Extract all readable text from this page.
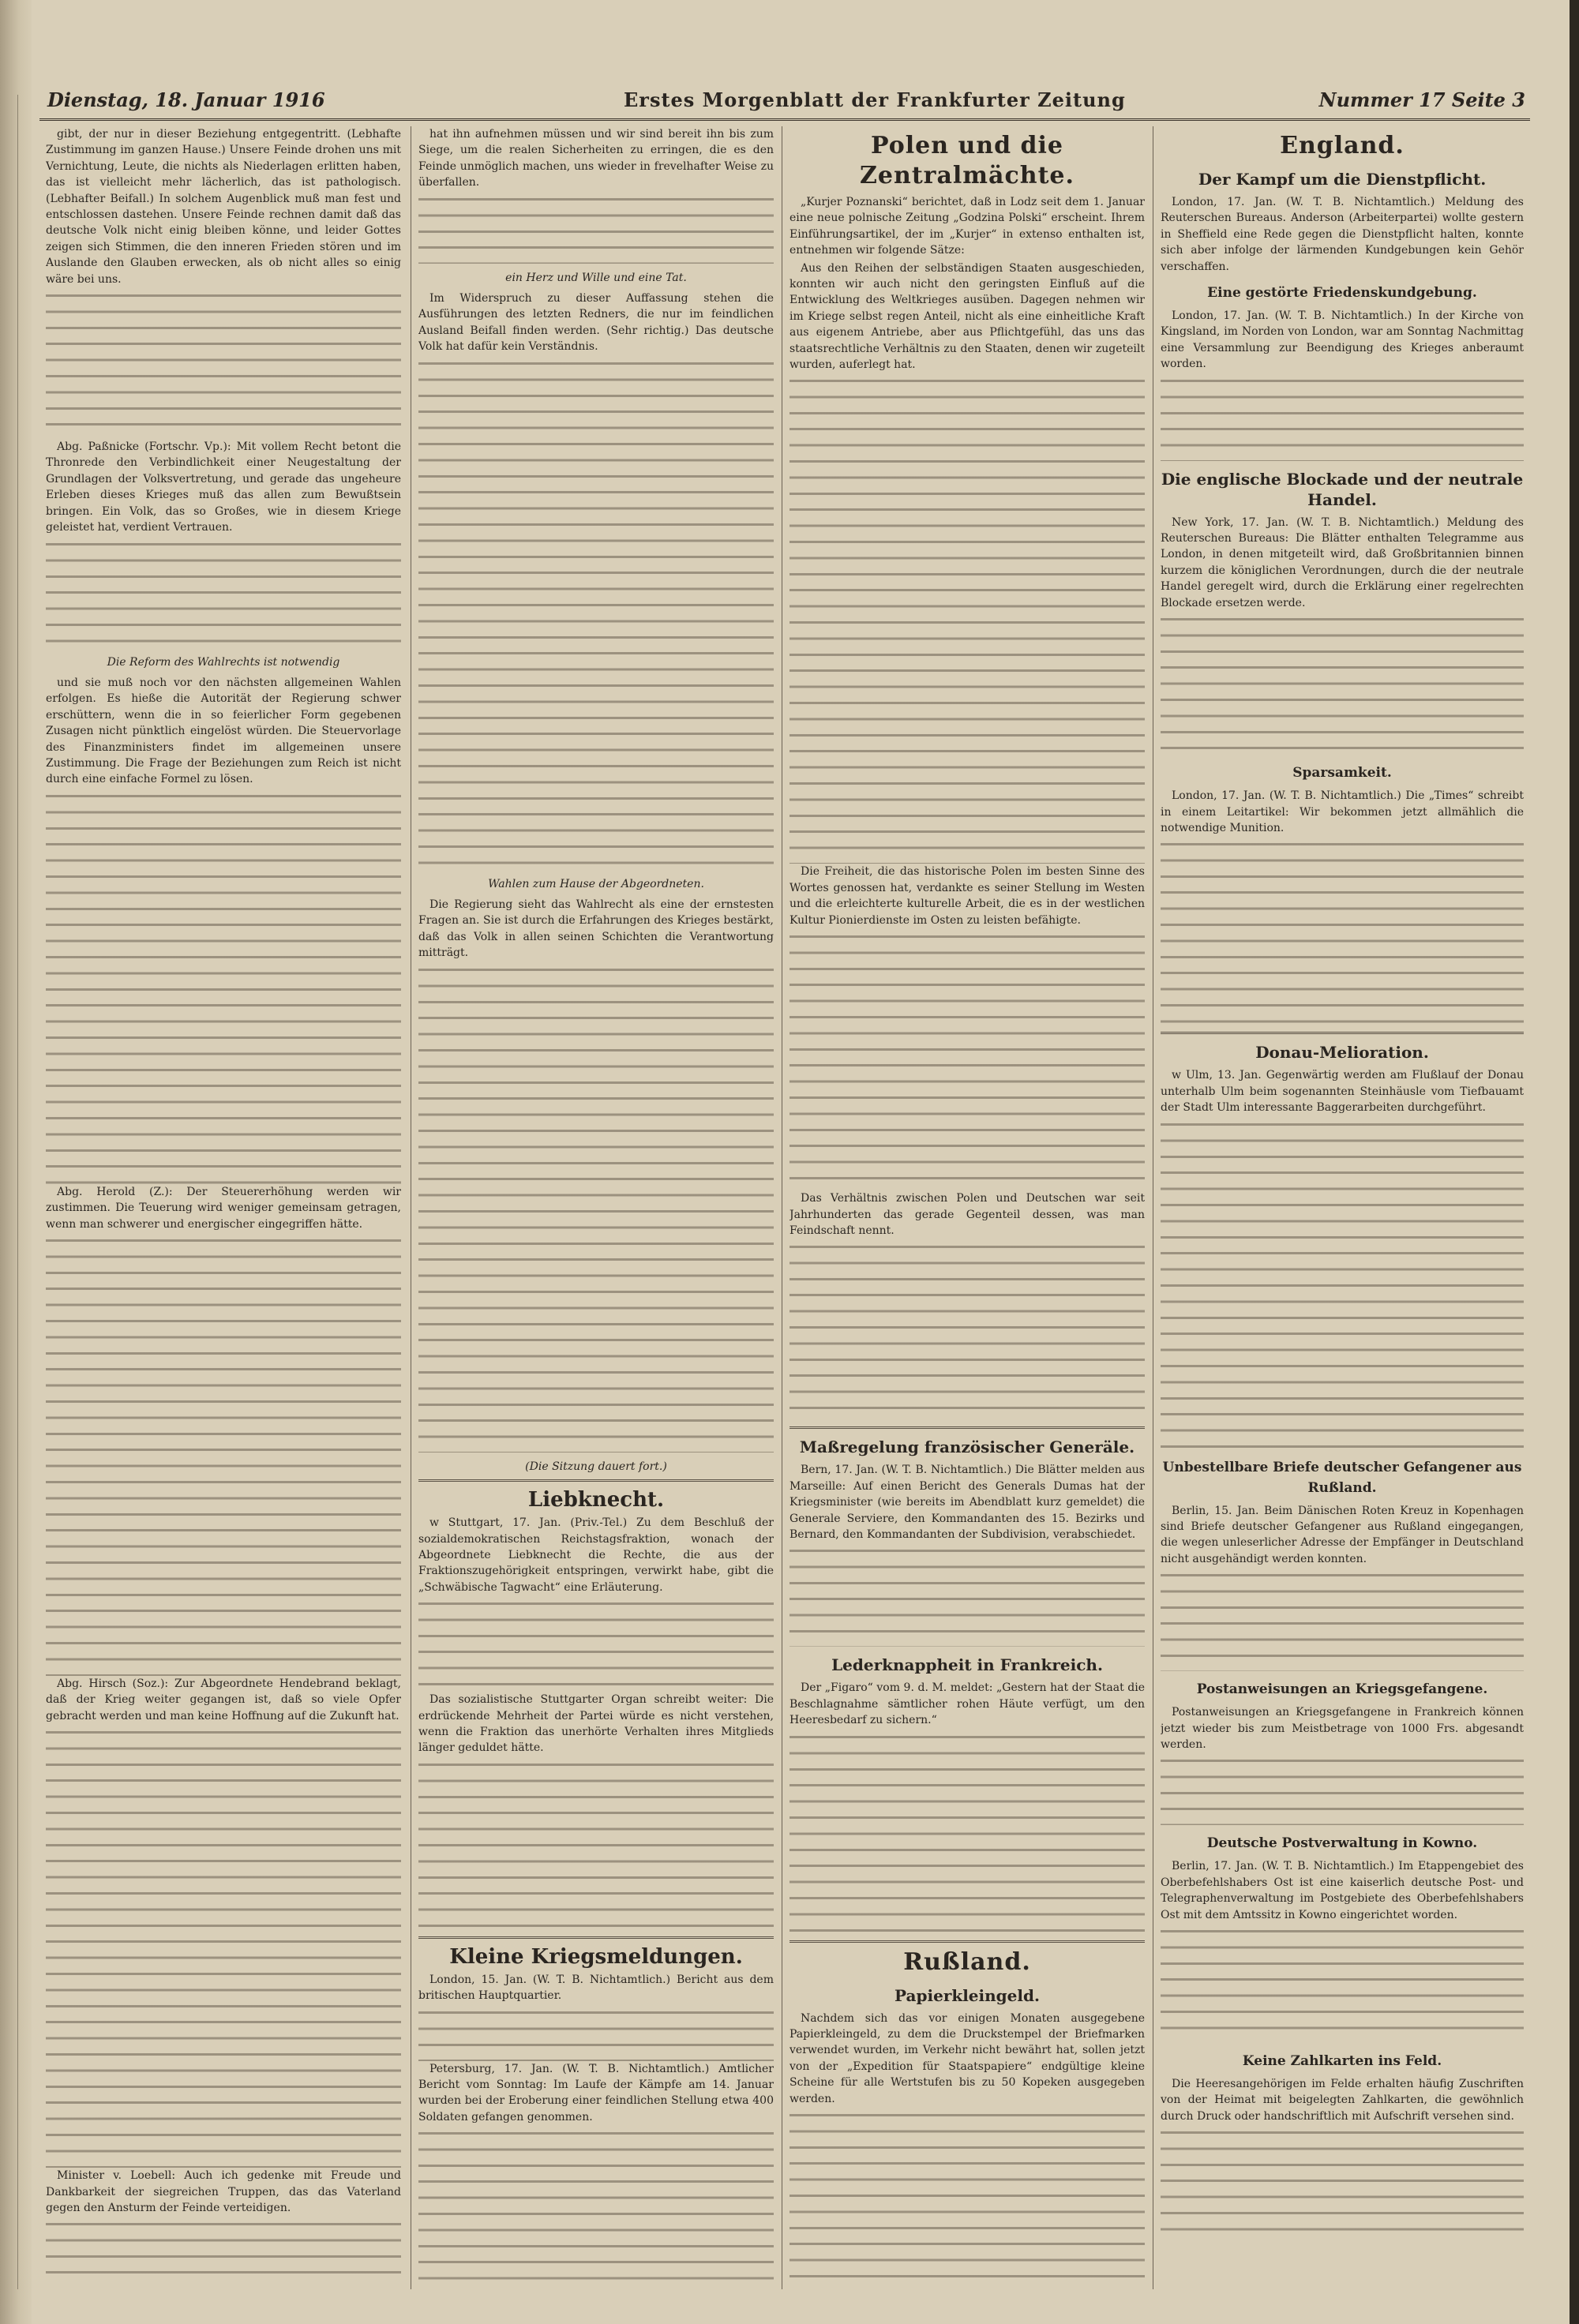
Dienstag, 18. Januar 1916	Erstes Morgenblatt der Frankfurter Zeitung	Nummer 17 Seite 3

gibt, der nur in dieser Beziehung entgegentritt. (Lebhafte Zustimmung im ganzen Hause.) Unsere Feinde drohen uns mit Vernichtung, Leute, die nichts als Niederlagen erlitten haben, das ist vielleicht mehr lächerlich, das ist pathologisch. (Lebhafter Beifall.) In solchem Augenblick muß man fest und entschlossen dastehen. Unsere Feinde rechnen damit daß das deutsche Volk nicht einig bleiben könne, und leider Gottes zeigen sich Stimmen, die den inneren Frieden stören und im Auslande den Glauben erwecken, als ob nicht alles so einig wäre bei uns.

Abg. Paßnicke (Fortschr. Vp.): Mit vollem Recht betont die Thronrede den Verbindlichkeit einer Neugestaltung der Grundlagen der Volksvertretung, und gerade das ungeheure Erleben dieses Krieges muß das allen zum Bewußtsein bringen. Ein Volk, das so Großes, wie in diesem Kriege geleistet hat, verdient Vertrauen.

Die Reform des Wahlrechts ist notwendig

und sie muß noch vor den nächsten allgemeinen Wahlen erfolgen. Es hieße die Autorität der Regierung schwer erschüttern, wenn die in so feierlicher Form gegebenen Zusagen nicht pünktlich eingelöst würden. Die Steuervorlage des Finanzministers findet im allgemeinen unsere Zustimmung. Die Frage der Beziehungen zum Reich ist nicht durch eine einfache Formel zu lösen.

Abg. Herold (Z.): Der Steuererhöhung werden wir zustimmen. Die Teuerung wird weniger gemeinsam getragen, wenn man schwerer und energischer eingegriffen hätte.

Abg. Hirsch (Soz.): Zur Abgeordnete Hendebrand beklagt, daß der Krieg weiter gegangen ist, daß so viele Opfer gebracht werden und man keine Hoffnung auf die Zukunft hat.

Minister v. Loebell: Auch ich gedenke mit Freude und Dankbarkeit der siegreichen Truppen, das das Vaterland gegen den Ansturm der Feinde verteidigen.

hat ihn aufnehmen müssen und wir sind bereit ihn bis zum Siege, um die realen Sicherheiten zu erringen, die es den Feinde unmöglich machen, uns wieder in frevelhafter Weise zu überfallen.

ein Herz und Wille und eine Tat.

Im Widerspruch zu dieser Auffassung stehen die Ausführungen des letzten Redners, die nur im feindlichen Ausland Beifall finden werden. (Sehr richtig.) Das deutsche Volk hat dafür kein Verständnis.

Wahlen zum Hause der Abgeordneten.

Die Regierung sieht das Wahlrecht als eine der ernstesten Fragen an. Sie ist durch die Erfahrungen des Krieges bestärkt, daß das Volk in allen seinen Schichten die Verantwortung mitträgt.

(Die Sitzung dauert fort.)
Liebknecht.

w Stuttgart, 17. Jan. (Priv.-Tel.) Zu dem Beschluß der sozialdemokratischen Reichstagsfraktion, wonach der Abgeordnete Liebknecht die Rechte, die aus der Fraktionszugehörigkeit entspringen, verwirkt habe, gibt die „Schwäbische Tagwacht“ eine Erläuterung.

Das sozialistische Stuttgarter Organ schreibt weiter: Die erdrückende Mehrheit der Partei würde es nicht verstehen, wenn die Fraktion das unerhörte Verhalten ihres Mitglieds länger geduldet hätte.

Kleine Kriegsmeldungen.

London, 15. Jan. (W. T. B. Nichtamtlich.) Bericht aus dem britischen Hauptquartier.

Petersburg, 17. Jan. (W. T. B. Nichtamtlich.) Amtlicher Bericht vom Sonntag: Im Laufe der Kämpfe am 14. Januar wurden bei der Eroberung einer feindlichen Stellung etwa 400 Soldaten gefangen genommen.

Polen und die Zentralmächte.

„Kurjer Poznanski“ berichtet, daß in Lodz seit dem 1. Januar eine neue polnische Zeitung „Godzina Polski“ erscheint. Ihrem Einführungsartikel, der im „Kurjer“ in extenso enthalten ist, entnehmen wir folgende Sätze:

Aus den Reihen der selbständigen Staaten ausgeschieden, konnten wir auch nicht den geringsten Einfluß auf die Entwicklung des Weltkrieges ausüben. Dagegen nehmen wir im Kriege selbst regen Anteil, nicht als eine einheitliche Kraft aus eigenem Antriebe, aber aus Pflichtgefühl, das uns das staatsrechtliche Verhältnis zu den Staaten, denen wir zugeteilt wurden, auferlegt hat.

Die Freiheit, die das historische Polen im besten Sinne des Wortes genossen hat, verdankte es seiner Stellung im Westen und die erleichterte kulturelle Arbeit, die es in der westlichen Kultur Pionierdienste im Osten zu leisten befähigte.

Das Verhältnis zwischen Polen und Deutschen war seit Jahrhunderten das gerade Gegenteil dessen, was man Feindschaft nennt.

Maßregelung französischer Generäle.

Bern, 17. Jan. (W. T. B. Nichtamtlich.) Die Blätter melden aus Marseille: Auf einen Bericht des Generals Dumas hat der Kriegsminister (wie bereits im Abendblatt kurz gemeldet) die Generale Serviere, den Kommandanten des 15. Bezirks und Bernard, den Kommandanten der Subdivision, verabschiedet.

Lederknappheit in Frankreich.

Der „Figaro“ vom 9. d. M. meldet: „Gestern hat der Staat die Beschlagnahme sämtlicher rohen Häute verfügt, um den Heeresbedarf zu sichern.“

Rußland.
Papierkleingeld.

Nachdem sich das vor einigen Monaten ausgegebene Papierkleingeld, zu dem die Druckstempel der Briefmarken verwendet wurden, im Verkehr nicht bewährt hat, sollen jetzt von der „Expedition für Staatspapiere“ endgültige kleine Scheine für alle Wertstufen bis zu 50 Kopeken ausgegeben werden.

England.
Der Kampf um die Dienstpflicht.

London, 17. Jan. (W. T. B. Nichtamtlich.) Meldung des Reuterschen Bureaus. Anderson (Arbeiterpartei) wollte gestern in Sheffield eine Rede gegen die Dienstpflicht halten, konnte sich aber infolge der lärmenden Kundgebungen kein Gehör verschaffen.

Eine gestörte Friedenskundgebung.

London, 17. Jan. (W. T. B. Nichtamtlich.) In der Kirche von Kingsland, im Norden von London, war am Sonntag Nachmittag eine Versammlung zur Beendigung des Krieges anberaumt worden.

Die englische Blockade und der neutrale Handel.

New York, 17. Jan. (W. T. B. Nichtamtlich.) Meldung des Reuterschen Bureaus: Die Blätter enthalten Telegramme aus London, in denen mitgeteilt wird, daß Großbritannien binnen kurzem die königlichen Verordnungen, durch die der neutrale Handel geregelt wird, durch die Erklärung einer regelrechten Blockade ersetzen werde.

Sparsamkeit.

London, 17. Jan. (W. T. B. Nichtamtlich.) Die „Times“ schreibt in einem Leitartikel: Wir bekommen jetzt allmählich die notwendige Munition.

Donau-Melioration.

w Ulm, 13. Jan. Gegenwärtig werden am Flußlauf der Donau unterhalb Ulm beim sogenannten Steinhäusle vom Tiefbauamt der Stadt Ulm interessante Baggerarbeiten durchgeführt.

Unbestellbare Briefe deutscher Gefangener aus Rußland.

Berlin, 15. Jan. Beim Dänischen Roten Kreuz in Kopenhagen sind Briefe deutscher Gefangener aus Rußland eingegangen, die wegen unleserlicher Adresse der Empfänger in Deutschland nicht ausgehändigt werden konnten.

Postanweisungen an Kriegsgefangene.

Postanweisungen an Kriegsgefangene in Frankreich können jetzt wieder bis zum Meistbetrage von 1000 Frs. abgesandt werden.

Deutsche Postverwaltung in Kowno.

Berlin, 17. Jan. (W. T. B. Nichtamtlich.) Im Etappengebiet des Oberbefehlshabers Ost ist eine kaiserlich deutsche Post- und Telegraphenverwaltung im Postgebiete des Oberbefehlshabers Ost mit dem Amtssitz in Kowno eingerichtet worden.

Keine Zahlkarten ins Feld.

Die Heeresangehörigen im Felde erhalten häufig Zuschriften von der Heimat mit beigelegten Zahlkarten, die gewöhnlich durch Druck oder handschriftlich mit Aufschrift versehen sind.
